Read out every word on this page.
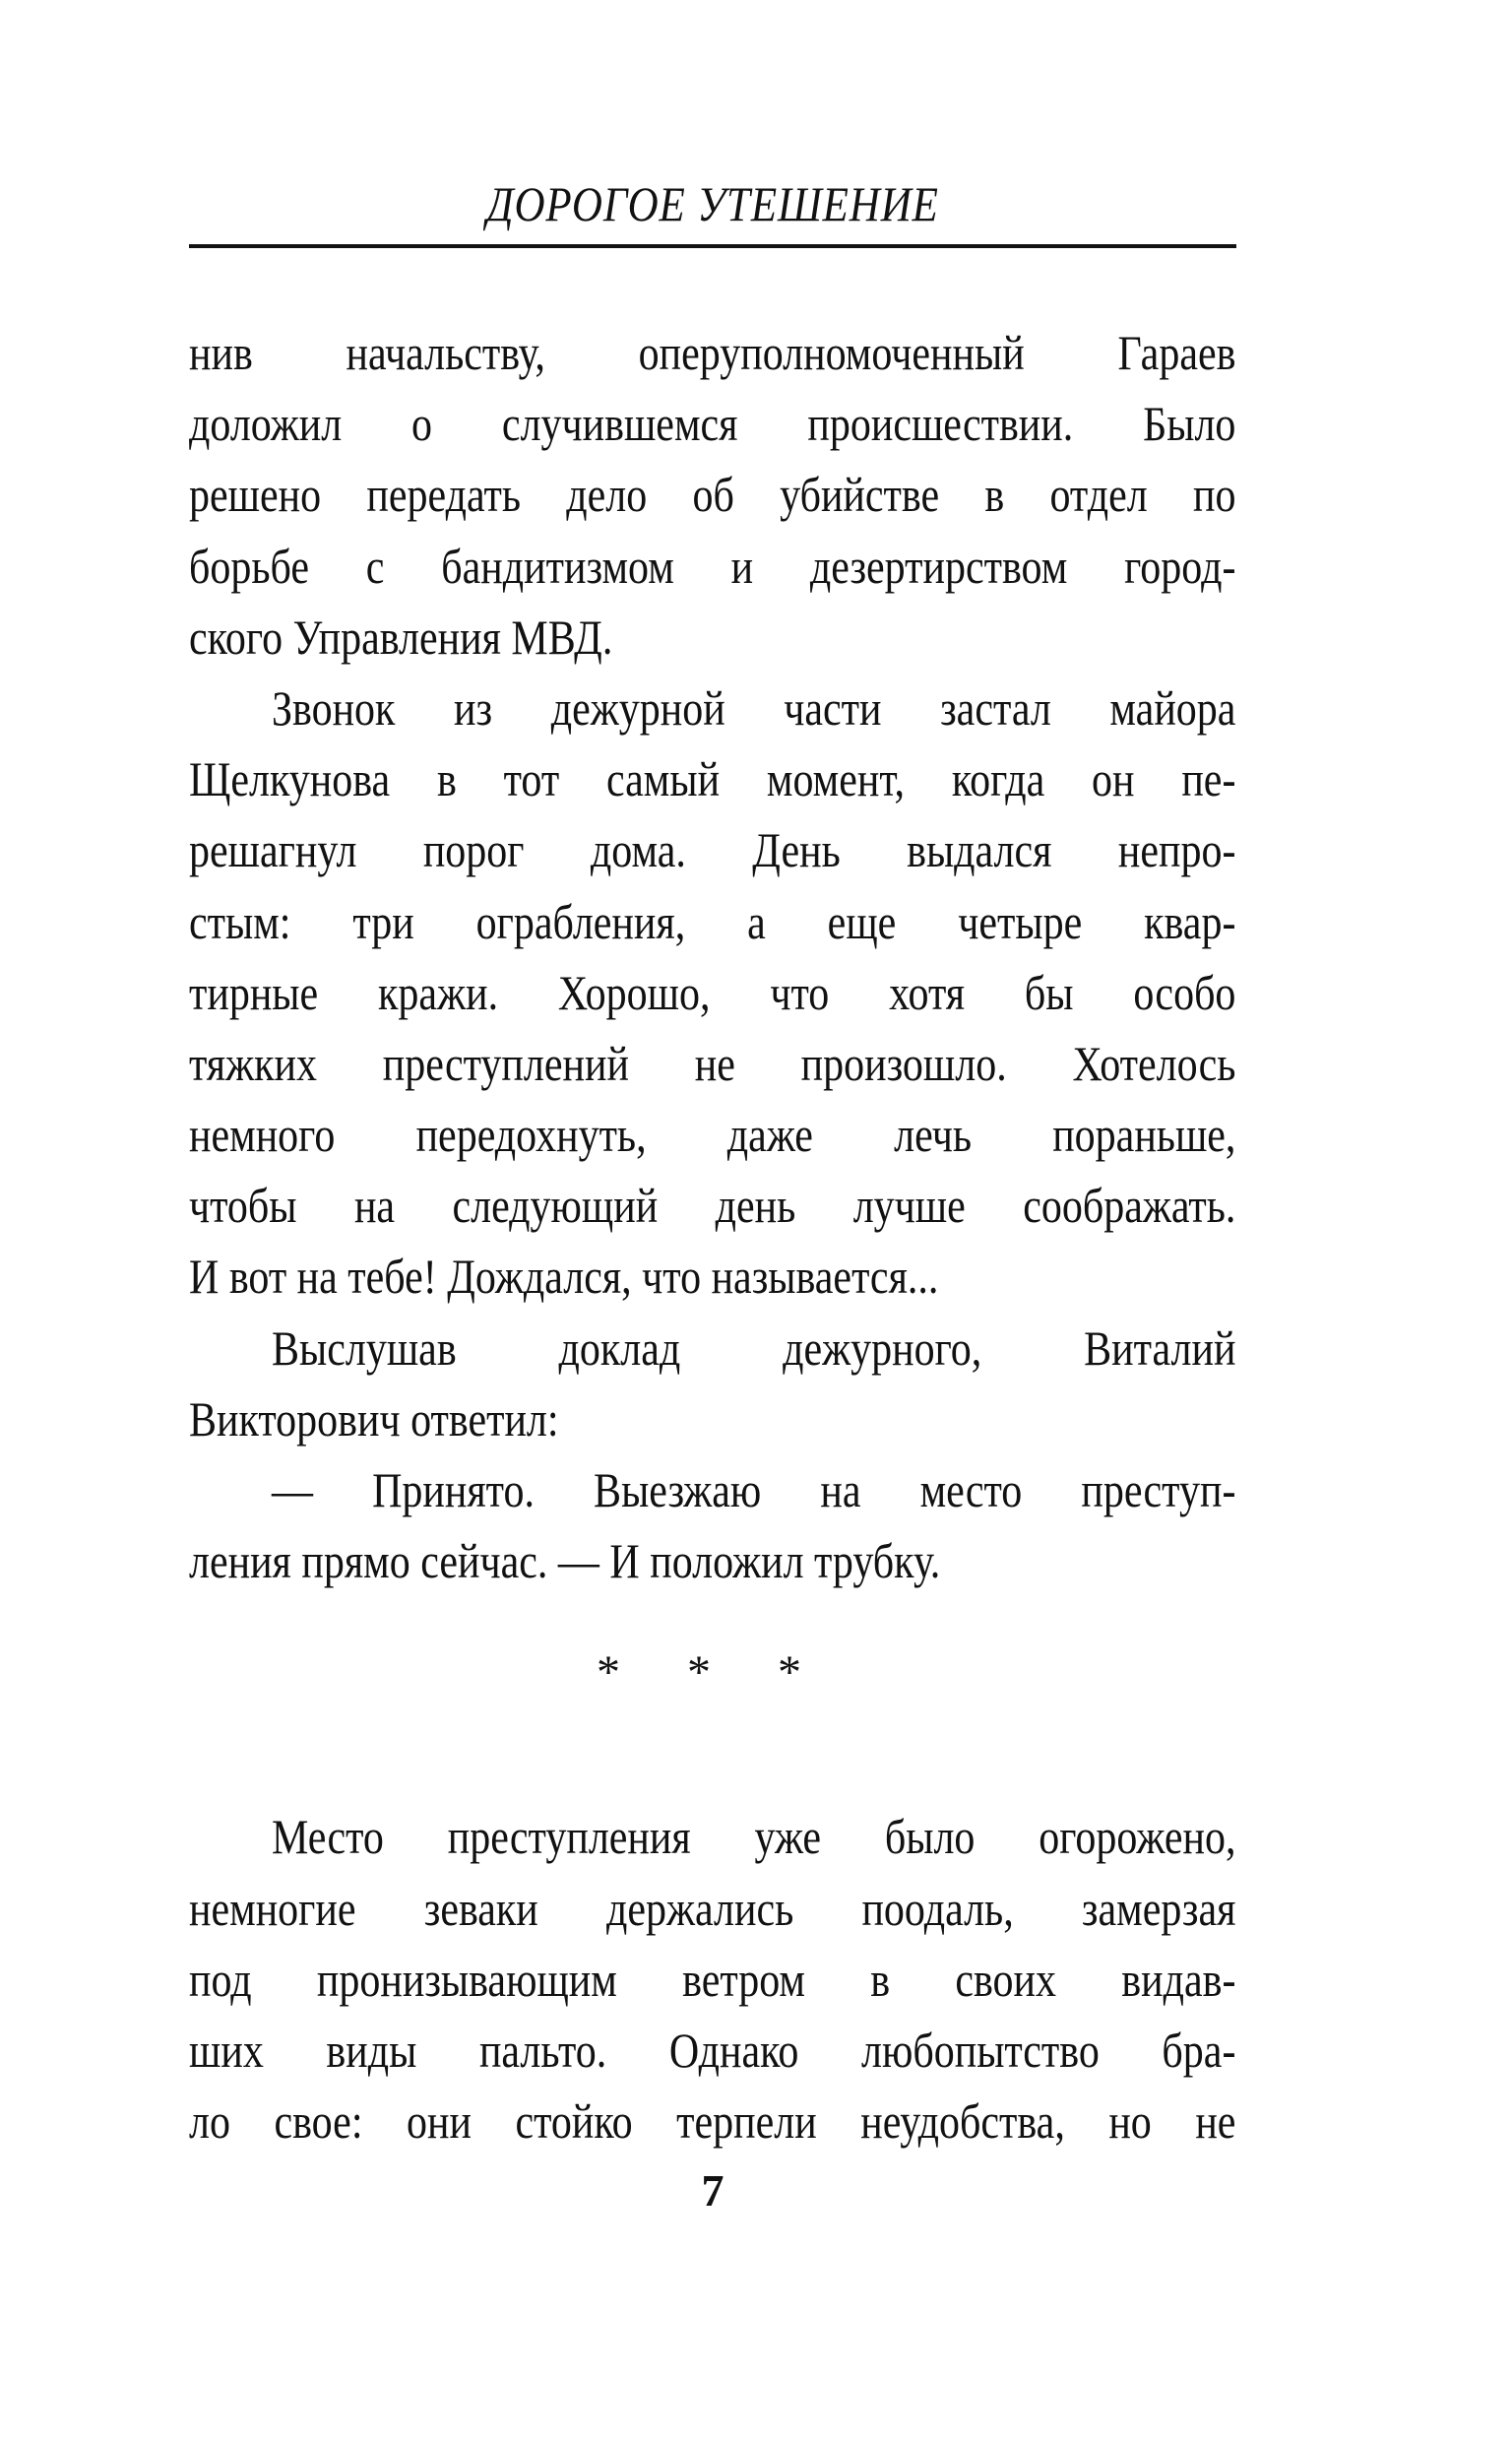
ДОРОГОЕ УТЕШЕНИЕ
нив начальству, оперуполномоченный Гараев
доложил о случившемся происшествии. Было
решено передать дело об убийстве в отдел по
борьбе с бандитизмом и дезертирством город-
ского Управления МВД.
Звонок из дежурной части застал майора
Щелкунова в тот самый момент, когда он пе-
решагнул порог дома. День выдался непро-
стым: три ограбления, а еще четыре квар-
тирные кражи. Хорошо, что хотя бы особо
тяжких преступлений не произошло. Хотелось
немного передохнуть, даже лечь пораньше,
чтобы на следующий день лучше соображать.
И вот на тебе! Дождался, что называется...
Выслушав доклад дежурного, Виталий
Викторович ответил:
— Принято. Выезжаю на место преступ-
ления прямо сейчас. — И положил трубку.
* * *
Место преступления уже было огорожено,
немногие зеваки держались поодаль, замерзая
под пронизывающим ветром в своих видав-
ших виды пальто. Однако любопытство бра-
ло свое: они стойко терпели неудобства, но не
7
